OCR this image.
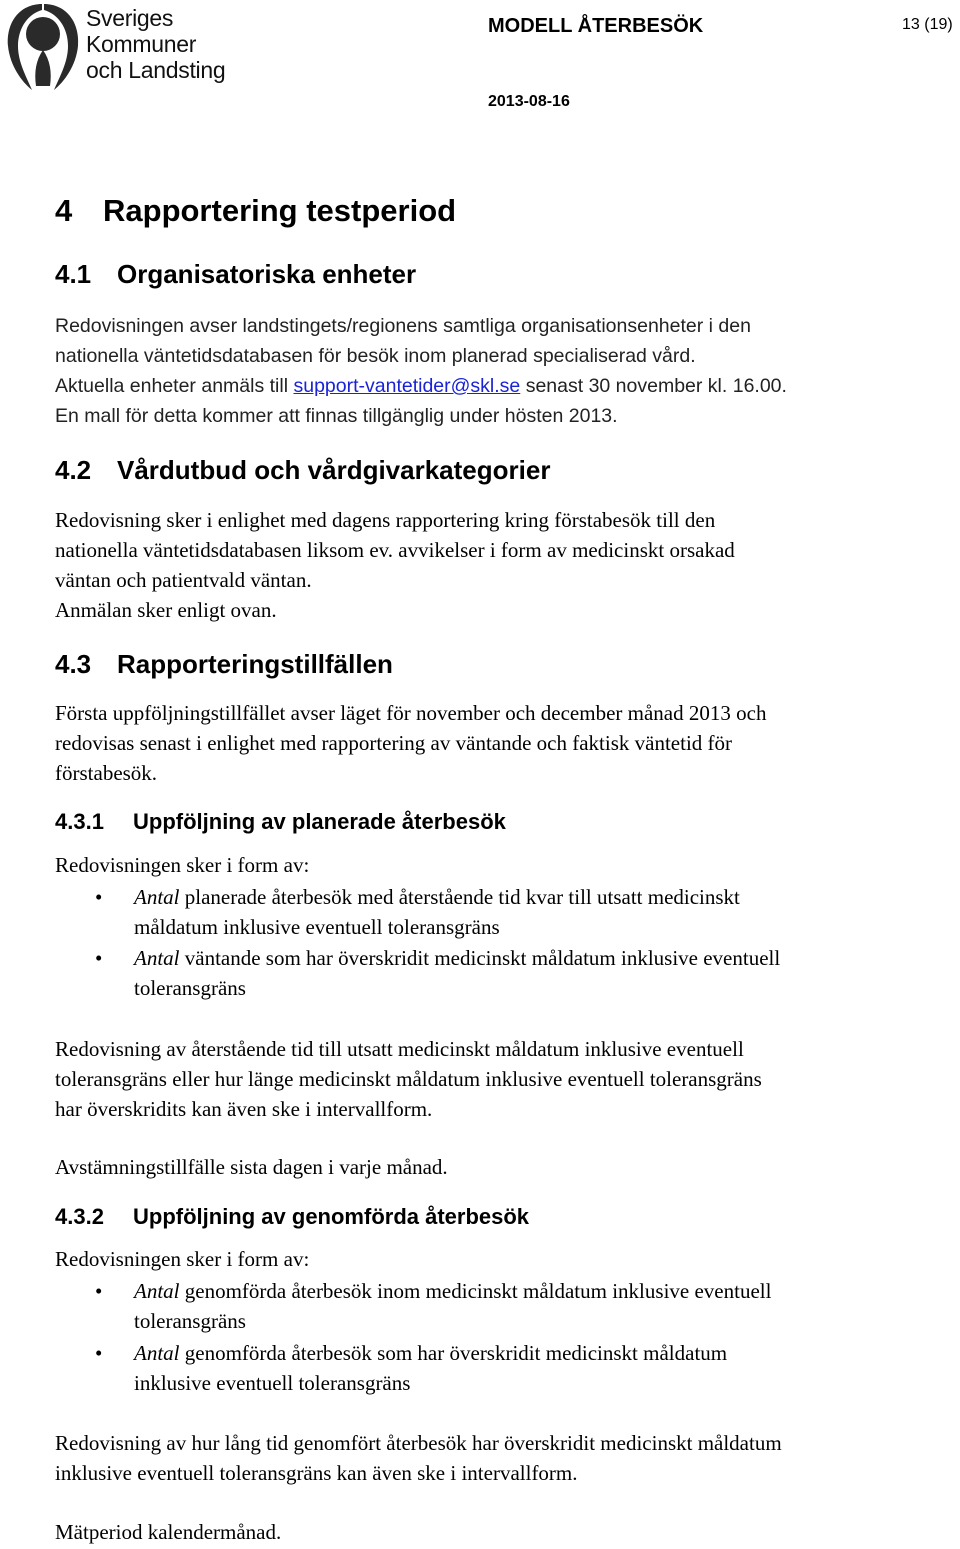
Sveriges
Kommuner
och Landsting
MODELL ÅTERBESÖK	13 (19)
2013-08-16
4 Rapportering testperiod
4.1 Organisatoriska enheter
Redovisningen avser landstingets/regionens samtliga organisationsenheter i den
nationella väntetidsdatabasen för besök inom planerad specialiserad vård.
Aktuella enheter anmäls till support-vantetider@skl.se senast 30 november kl. 16.00.
En mall för detta kommer att finnas tillgänglig under hösten 2013.
4.2 Vårdutbud och vårdgivarkategorier
Redovisning sker i enlighet med dagens rapportering kring förstabesök till den
nationella väntetidsdatabasen liksom ev. avvikelser i form av medicinskt orsakad
väntan och patientvald väntan.
Anmälan sker enligt ovan.
4.3 Rapporteringstillfällen
Första uppföljningstillfället avser läget för november och december månad 2013 och
redovisas senast i enlighet med rapportering av väntande och faktisk väntetid för
förstabesök.
4.3.1 Uppföljning av planerade återbesök
Redovisningen sker i form av:
• Antal planerade återbesök med återstående tid kvar till utsatt medicinskt
måldatum inklusive eventuell toleransgräns
• Antal väntande som har överskridit medicinskt måldatum inklusive eventuell
toleransgräns
Redovisning av återstående tid till utsatt medicinskt måldatum inklusive eventuell
toleransgräns eller hur länge medicinskt måldatum inklusive eventuell toleransgräns
har överskridits kan även ske i intervallform.
Avstämningstillfälle sista dagen i varje månad.
4.3.2 Uppföljning av genomförda återbesök
Redovisningen sker i form av:
• Antal genomförda återbesök inom medicinskt måldatum inklusive eventuell
toleransgräns
• Antal genomförda återbesök som har överskridit medicinskt måldatum
inklusive eventuell toleransgräns
Redovisning av hur lång tid genomfört återbesök har överskridit medicinskt måldatum
inklusive eventuell toleransgräns kan även ske i intervallform.
Mätperiod kalendermånad.
